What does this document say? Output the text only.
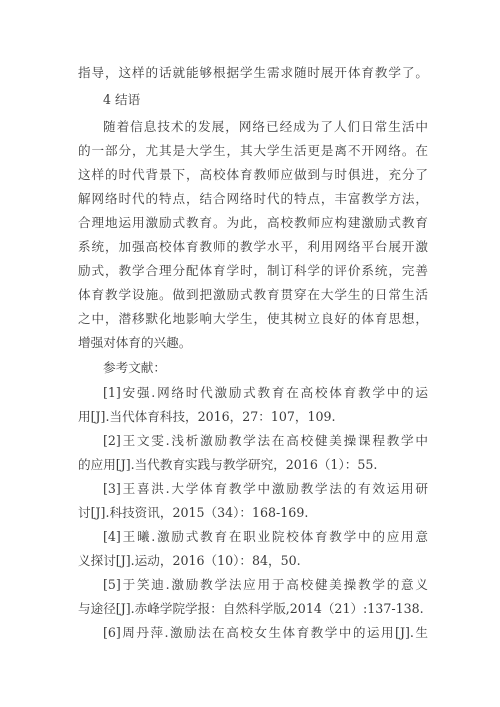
指导，这样的话就能够根据学生需求随时展开体育教学了。
4 结语
随着信息技术的发展，网络已经成为了人们日常生活中
的一部分，尤其是大学生，其大学生活更是离不开网络。在
这样的时代背景下，高校体育教师应做到与时俱进，充分了
解网络时代的特点，结合网络时代的特点，丰富教学方法，
合理地运用激励式教育。为此，高校教师应构建激励式教育
系统，加强高校体育教师的教学水平，利用网络平台展开激
励式，教学合理分配体育学时，制订科学的评价系统，完善
体育教学设施。做到把激励式教育贯穿在大学生的日常生活
之中，潜移默化地影响大学生，使其树立良好的体育思想，
增强对体育的兴趣。
参考文献：
[1]安强.网络时代激励式教育在高校体育教学中的运
用[J].当代体育科技，2016，27：107，109.
[2]王文雯.浅析激励教学法在高校健美操课程教学中
的应用[J].当代教育实践与教学研究，2016（1）：55.
[3]王喜洪.大学体育教学中激励教学法的有效运用研
讨[J].科技资讯，2015（34）：168-169.
[4]王曦.激励式教育在职业院校体育教学中的应用意
义探讨[J].运动，2016（10）：84，50.
[5]于笑迪.激励教学法应用于高校健美操教学的意义
与途径[J].赤峰学院学报：自然科学版,2014（21）:137-138.
[6]周丹萍.激励法在高校女生体育教学中的运用[J].生
